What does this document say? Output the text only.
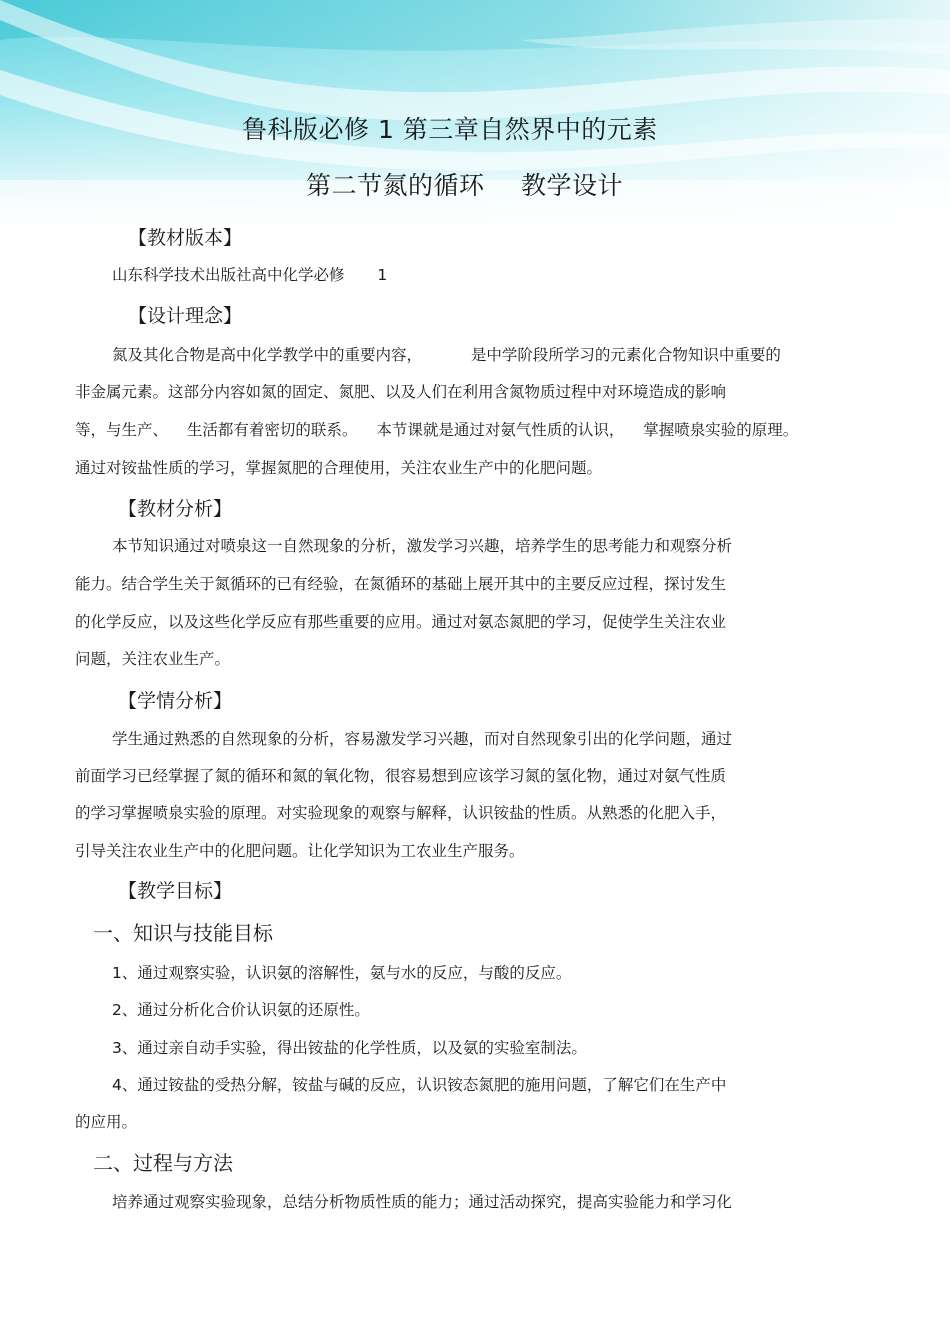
鲁科版必修 1 第三章自然界中的元素
第二节氮的循环 教学设计
【教材版本】
山东科学技术出版社高中化学必修 1
【设计理念】
氮及其化合物是高中化学教学中的重要内容， 是中学阶段所学习的元素化合物知识中重要的
非金属元素。这部分内容如氮的固定、氮肥、以及人们在利用含氮物质过程中对环境造成的影响
等，与生产、 生活都有着密切的联系。 本节课就是通过对氨气性质的认识， 掌握喷泉实验的原理。
通过对铵盐性质的学习，掌握氮肥的合理使用，关注农业生产中的化肥问题。
【教材分析】
本节知识通过对喷泉这一自然现象的分析，激发学习兴趣，培养学生的思考能力和观察分析
能力。结合学生关于氮循环的已有经验，在氮循环的基础上展开其中的主要反应过程，探讨发生
的化学反应，以及这些化学反应有那些重要的应用。通过对氨态氮肥的学习，促使学生关注农业
问题，关注农业生产。
【学情分析】
学生通过熟悉的自然现象的分析，容易激发学习兴趣，而对自然现象引出的化学问题，通过
前面学习已经掌握了氮的循环和氮的氧化物，很容易想到应该学习氮的氢化物，通过对氨气性质
的学习掌握喷泉实验的原理。对实验现象的观察与解释，认识铵盐的性质。从熟悉的化肥入手，
引导关注农业生产中的化肥问题。让化学知识为工农业生产服务。
【教学目标】
一、知识与技能目标
1、通过观察实验，认识氨的溶解性，氨与水的反应，与酸的反应。
2、通过分析化合价认识氨的还原性。
3、通过亲自动手实验，得出铵盐的化学性质，以及氨的实验室制法。
4、通过铵盐的受热分解，铵盐与碱的反应，认识铵态氮肥的施用问题，了解它们在生产中
的应用。
二、过程与方法
培养通过观察实验现象，总结分析物质性质的能力；通过活动探究，提高实验能力和学习化
